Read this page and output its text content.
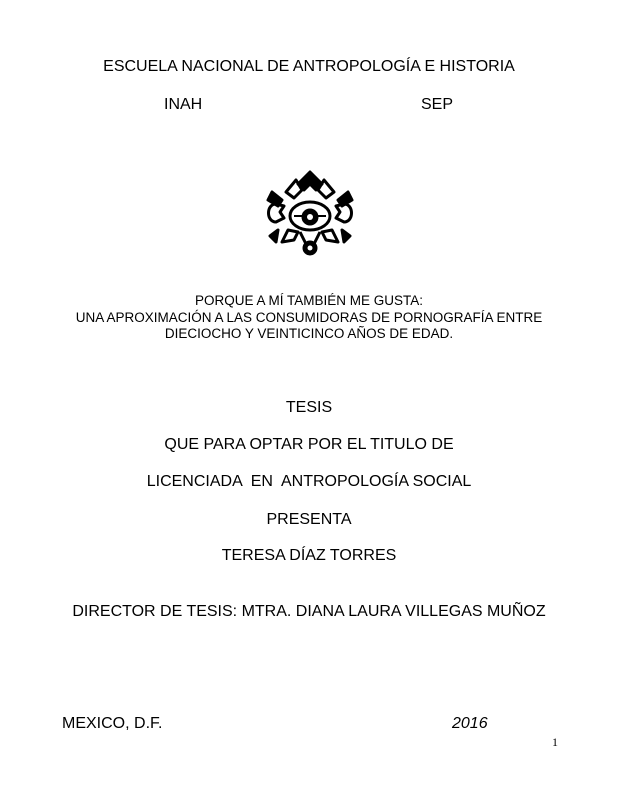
ESCUELA NACIONAL DE ANTROPOLOGÍA E HISTORIA
INAH	SEP
PORQUE A MÍ TAMBIÉN ME GUSTA:
UNA APROXIMACIÓN A LAS CONSUMIDORAS DE PORNOGRAFÍA ENTRE
DIECIOCHO Y VEINTICINCO AÑOS DE EDAD.
TESIS
QUE PARA OPTAR POR EL TITULO DE
LICENCIADA  EN  ANTROPOLOGÍA SOCIAL
PRESENTA
TERESA DÍAZ TORRES
DIRECTOR DE TESIS: MTRA. DIANA LAURA VILLEGAS MUÑOZ
MEXICO, D.F.	2016
1
